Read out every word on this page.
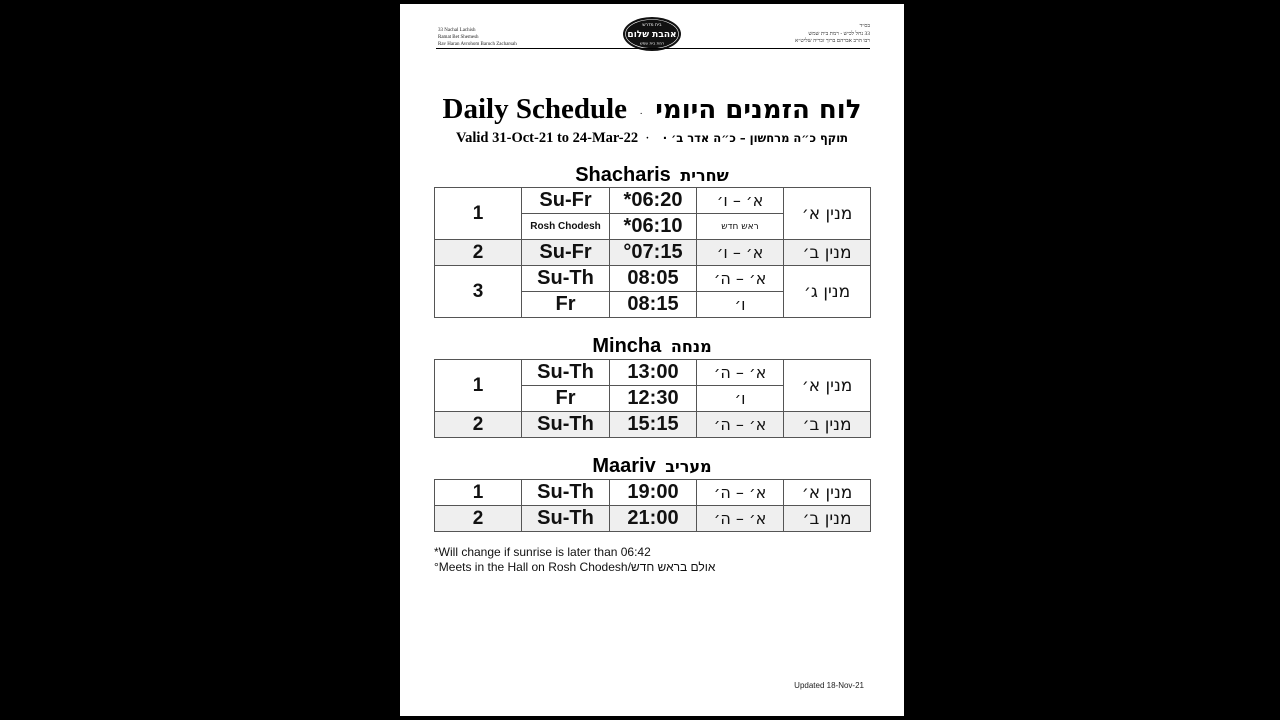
33 Nachal Lachish
Ramat Bet Shemesh
Rav Haran Avrohom Baruch Zacharsah
בית מדרש
אהבת שלום
רמת בית שמש
בס״ד
33 נחל לכיש - רמת בית שמש
רבו הרב אברהם ברוך זכריה שליט״א
Daily Schedule · לוח הזמנים היומי
Valid 31-Oct-21 to 24-Mar-22 · תוקף כ״ה מרחשון – כ״ה אדר ב׳ ·
Shacharis שחרית
1	Su-Fr	*06:20	א׳ – ו׳	מנין א׳
	Rosh Chodesh	*06:10	ראש חדש	
2	Su-Fr	°07:15	א׳ – ו׳	מנין ב׳
3	Su-Th	08:05	א׳ – ה׳	מנין ג׳
	Fr	08:15	ו׳	
Mincha מנחה
1	Su-Th	13:00	א׳ – ה׳	מנין א׳
	Fr	12:30	ו׳	
2	Su-Th	15:15	א׳ – ה׳	מנין ב׳
Maariv מעריב
1	Su-Th	19:00	א׳ – ה׳	מנין א׳
2	Su-Th	21:00	א׳ – ה׳	מנין ב׳
*Will change if sunrise is later than 06:42
°Meets in the Hall on Rosh Chodesh/אולם בראש חדש
Updated 18-Nov-21
